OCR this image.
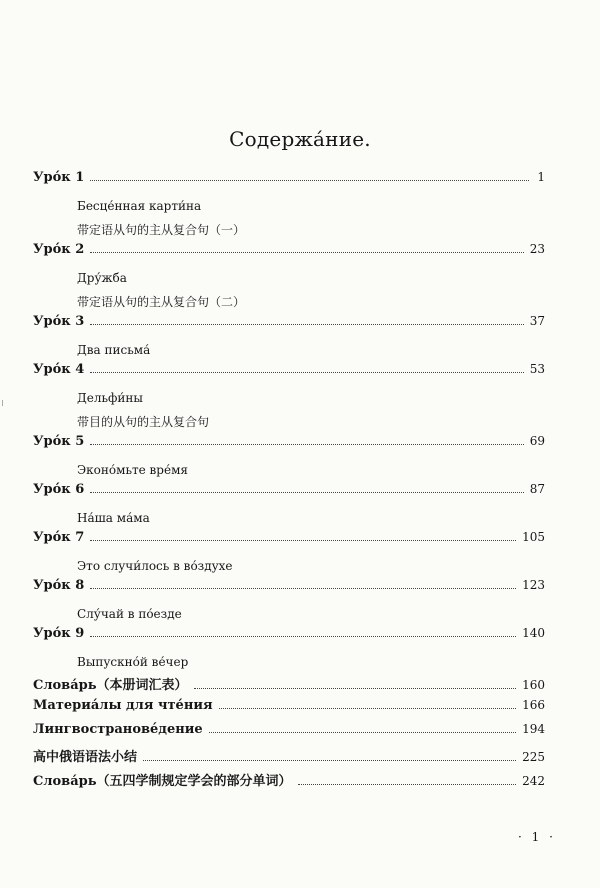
Содержа́ние.
Уро́к 1	1
Бесце́нная карти́на
带定语从句的主从复合句（一）
Уро́к 2	23
Дру́жба
带定语从句的主从复合句（二）
Уро́к 3	37
Два письма́
Уро́к 4	53
Дельфи́ны
带目的从句的主从复合句
Уро́к 5	69
Эконо́мьте вре́мя
Уро́к 6	87
На́ша ма́ма
Уро́к 7	105
Это случи́лось в во́здухе
Уро́к 8	123
Слу́чай в по́езде
Уро́к 9	140
Выпускно́й ве́чер
Слова́рь（本册词汇表）	160
Материа́лы для чте́ния	166
Лингвострановéдение	194
高中俄语语法小结	225
Слова́рь（五四学制规定学会的部分单词）	242
· 1 ·
